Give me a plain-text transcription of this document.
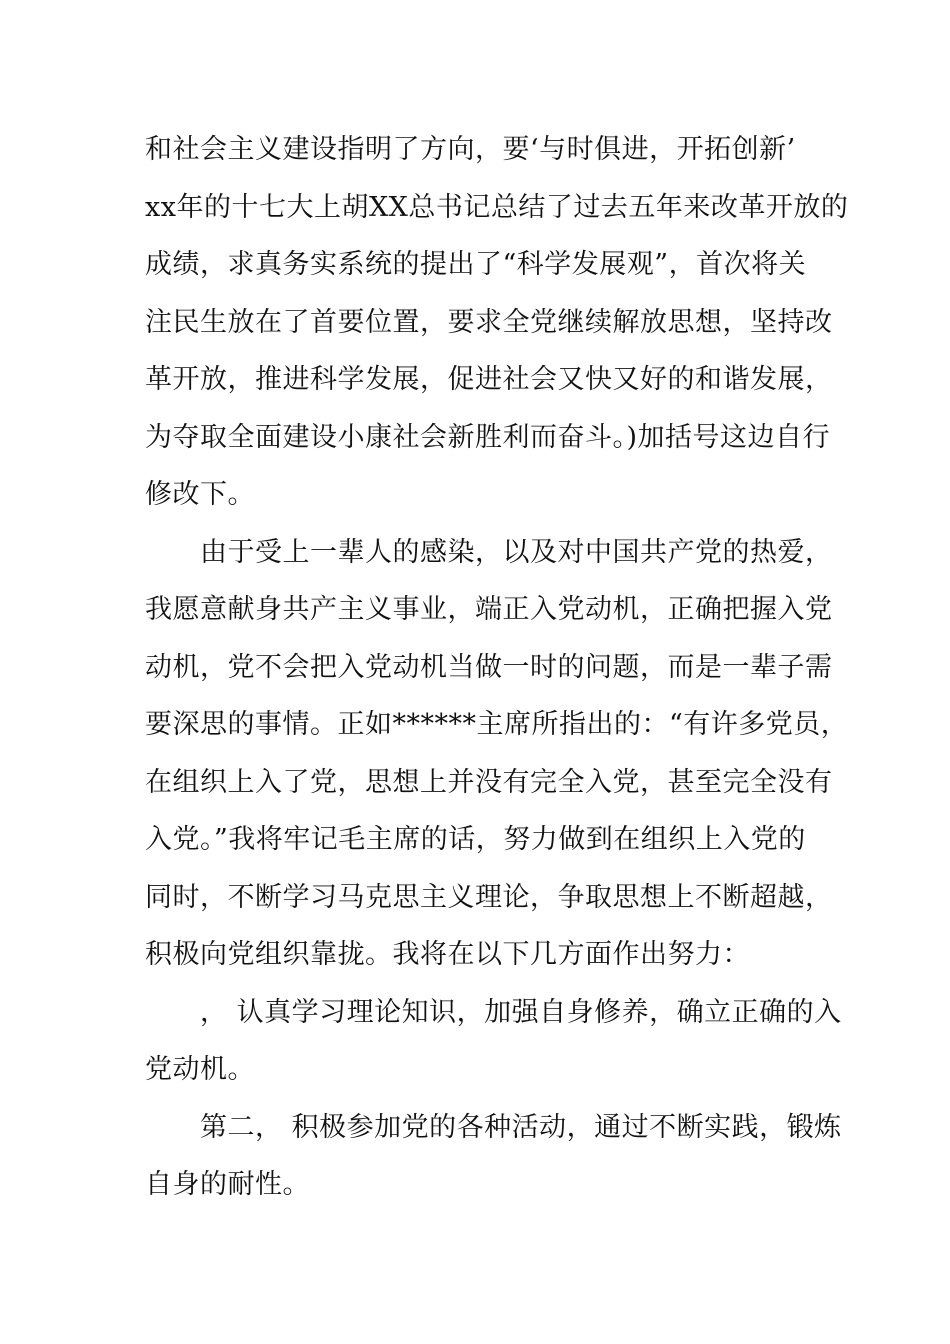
和社会主义建设指明了方向，要‘与时俱进，开拓创新’
xx年的十七大上胡XX总书记总结了过去五年来改革开放的
成绩，求真务实系统的提出了“科学发展观”，首次将关
注民生放在了首要位置，要求全党继续解放思想，坚持改
革开放，推进科学发展，促进社会又快又好的和谐发展，
为夺取全面建设小康社会新胜利而奋斗。)加括号这边自行
修改下。
由于受上一辈人的感染，以及对中国共产党的热爱，
我愿意献身共产主义事业，端正入党动机，正确把握入党
动机，党不会把入党动机当做一时的问题，而是一辈子需
要深思的事情。正如******主席所指出的：“有许多党员，
在组织上入了党，思想上并没有完全入党，甚至完全没有
入党。”我将牢记毛主席的话，努力做到在组织上入党的
同时，不断学习马克思主义理论，争取思想上不断超越，
积极向党组织靠拢。我将在以下几方面作出努力：
， 认真学习理论知识，加强自身修养，确立正确的入
党动机。
第二， 积极参加党的各种活动，通过不断实践，锻炼
自身的耐性。
